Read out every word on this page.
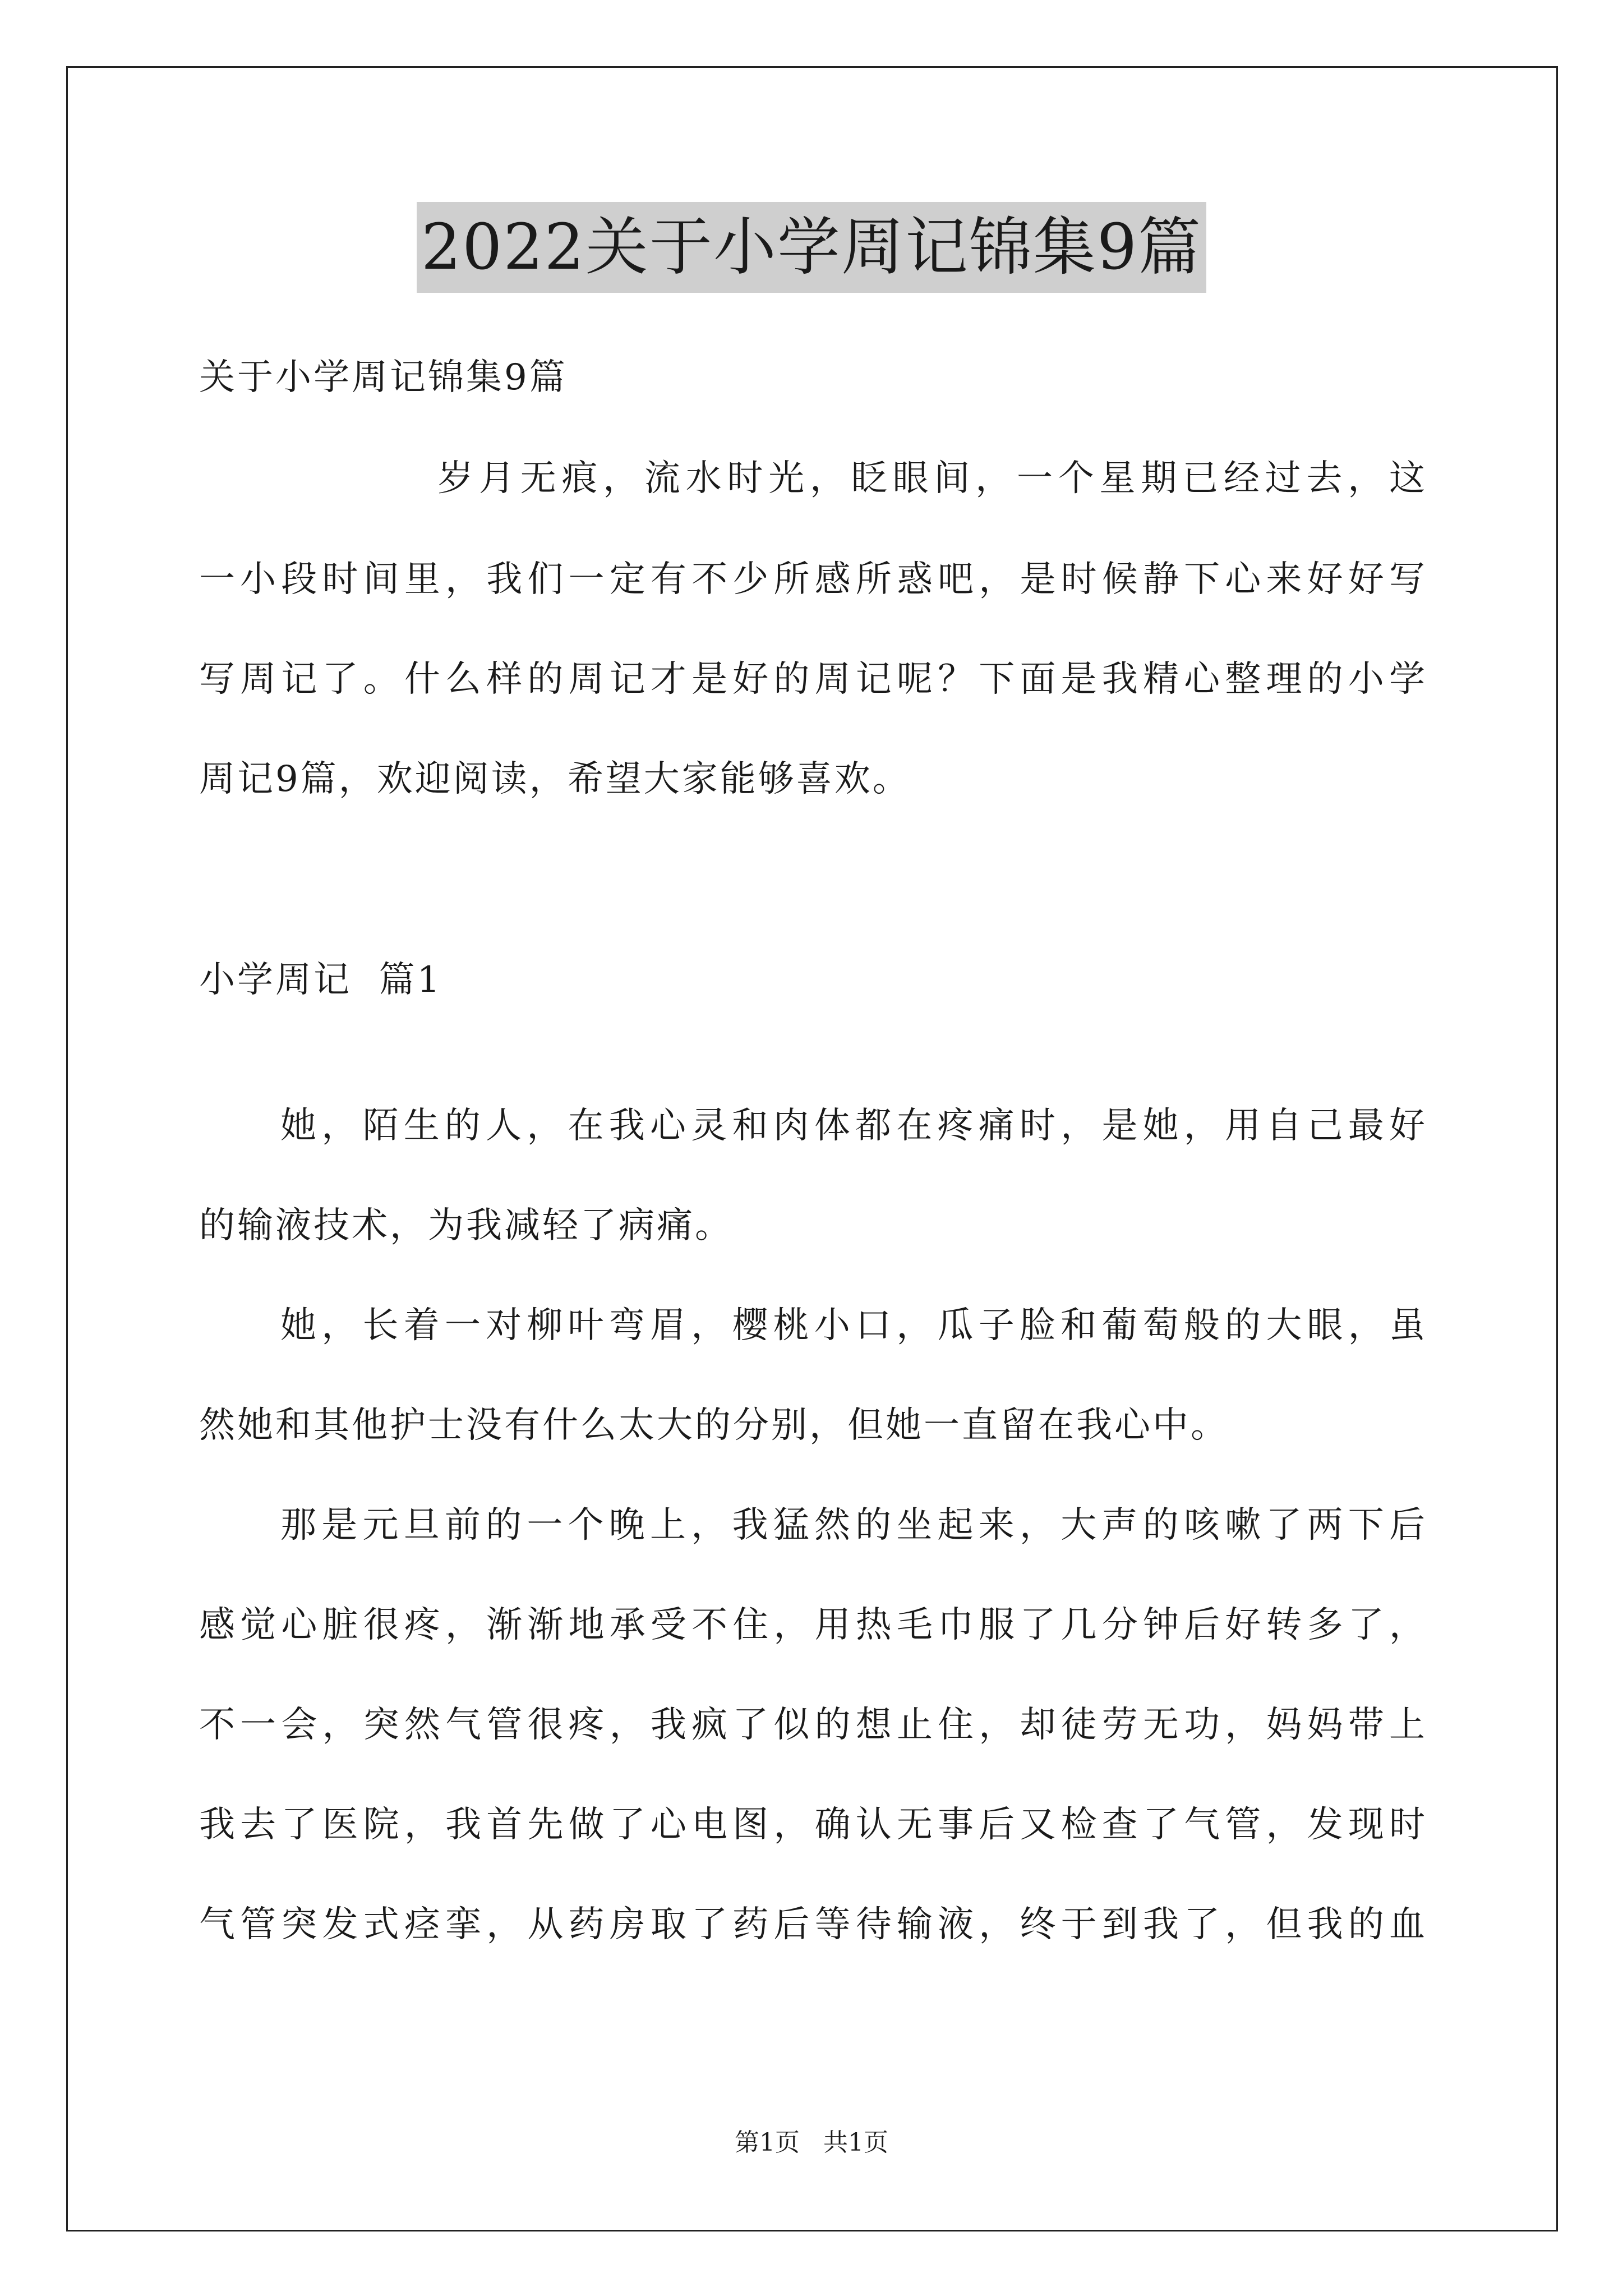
2022关于小学周记锦集9篇
关于小学周记锦集9篇
岁月无痕，流水时光，眨眼间，一个星期已经过去，这
一小段时间里，我们一定有不少所感所惑吧，是时候静下心来好好写
写周记了。什么样的周记才是好的周记呢？下面是我精心整理的小学
周记9篇，欢迎阅读，希望大家能够喜欢。
小学周记  篇1
她，陌生的人，在我心灵和肉体都在疼痛时，是她，用自己最好
的输液技术，为我减轻了病痛。
她，长着一对柳叶弯眉，樱桃小口，瓜子脸和葡萄般的大眼，虽
然她和其他护士没有什么太大的分别，但她一直留在我心中。
那是元旦前的一个晚上，我猛然的坐起来，大声的咳嗽了两下后
感觉心脏很疼，渐渐地承受不住，用热毛巾服了几分钟后好转多了，
不一会，突然气管很疼，我疯了似的想止住，却徒劳无功，妈妈带上
我去了医院，我首先做了心电图，确认无事后又检查了气管，发现时
气管突发式痉挛，从药房取了药后等待输液，终于到我了，但我的血
第1页   共1页
